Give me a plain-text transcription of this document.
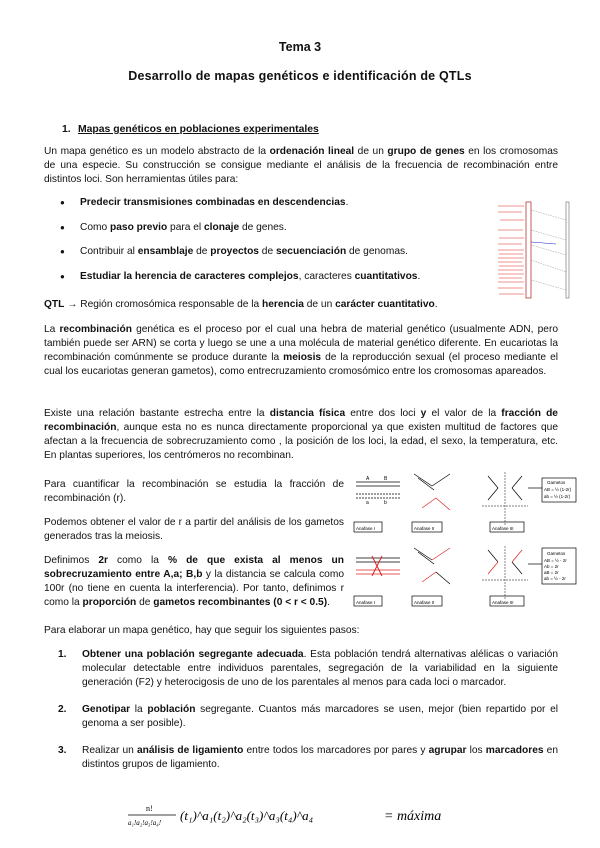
Tema 3
Desarrollo de mapas genéticos e identificación de QTLs
1. Mapas genéticos en poblaciones experimentales

Un mapa genético es un modelo abstracto de la ordenación lineal de un grupo de genes en los cromosomas de una especie. Su construcción se consigue mediante el análisis de la frecuencia de recombinación entre distintos loci. Son herramientas útiles para:

● Predecir transmisiones combinadas en descendencias.
● Como paso previo para el clonaje de genes.
● Contribuir al ensamblaje de proyectos de secuenciación de genomas.
● Estudiar la herencia de caracteres complejos, caracteres cuantitativos.

QTL → Región cromosómica responsable de la herencia de un carácter cuantitativo.

La recombinación genética es el proceso por el cual una hebra de material genético (usualmente ADN, pero también puede ser ARN) se corta y luego se une a una molécula de material genético diferente. En eucariotas la recombinación comúnmente se produce durante la meiosis de la reproducción sexual (el proceso mediante el cual los eucariotas generan gametos), como entrecruzamiento cromosómico entre los cromosomas apareados.

Existe una relación bastante estrecha entre la distancia física entre dos loci y el valor de la fracción de recombinación, aunque esta no es nunca directamente proporcional ya que existen multitud de factores que afectan a la frecuencia de sobrecruzamiento como , la posición de los loci, la edad, el sexo, la temperatura, etc. En plantas superiores, los centrómeros no recombinan.

Para cuantificar la recombinación se estudia la fracción de recombinación (r).

Podemos obtener el valor de r a partir del análisis de los gametos generados tras la meiosis.

Definimos 2r como la % de que exista al menos un sobrecruzamiento entre A,a; B,b y la distancia se calcula como 100r (no tiene en cuenta la interferencia). Por tanto, definimos r como la proporción de gametos recombinantes (0 < r < 0.5).

A	B
a	b
Anafase I	Anafase II	Anafase III
Gametos
AB = ½ (1-2r)
ab = ½ (1-2r)
Anafase I	Anafase II	Anafase III
Gametos
AB = ½ - 2r
Ab = 2r
aB = 2r
ab = ½ - 2r

Para elaborar un mapa genético, hay que seguir los siguientes pasos:

1. Obtener una población segregante adecuada. Esta población tendrá alternativas alélicas o variación molecular detectable entre individuos parentales, segregación de la variabilidad en la siguiente generación (F2) y heterocigosis de uno de los parentales al menos para cada loci o marcador.
2. Genotipar la población segregante. Cuantos más marcadores se usen, mejor (bien repartido por el genoma a ser posible).
3. Realizar un análisis de ligamiento entre todos los marcadores por pares y agrupar los marcadores en distintos grupos de ligamiento.
n!
a₁!a₂!a₃!a₄! (t₁)^a₁(t₂)^a₂(t₃)^a₃(t₄)^a₄	= máxima
